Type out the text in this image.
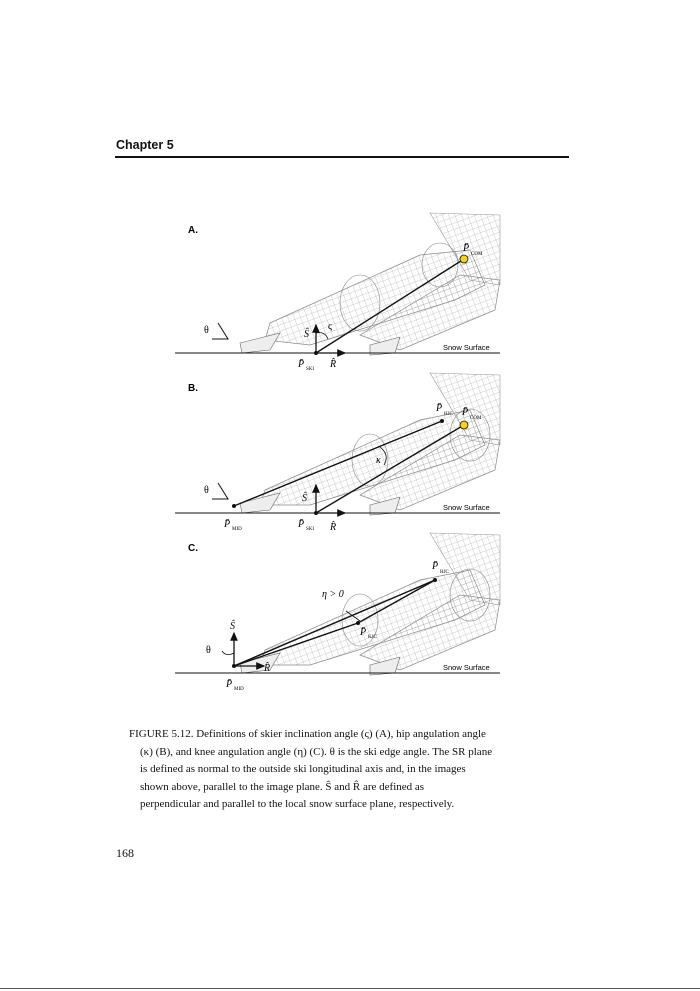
Chapter 5
A.
Snow Surface
θ	ς
Ŝ
R̂
P̄ SKI
P̄
COM
B.
Snow Surface
θ
κ
Ŝ
R̂
P̄ MID	P̄ SKI
P̄
HJC P̄
COM
C.
Snow Surface
θ
η > 0
Ŝ
R̂
P̄ MID
P̄ KJC
P̄
HJC
FIGURE 5.12. Definitions of skier inclination angle (ς) (A), hip angulation angle
(κ) (B), and knee angulation angle (η) (C). θ is the ski edge angle. The SR plane
is defined as normal to the outside ski longitudinal axis and, in the images
shown above, parallel to the image plane. Ŝ and R̂ are defined as
perpendicular and parallel to the local snow surface plane, respectively.
168
